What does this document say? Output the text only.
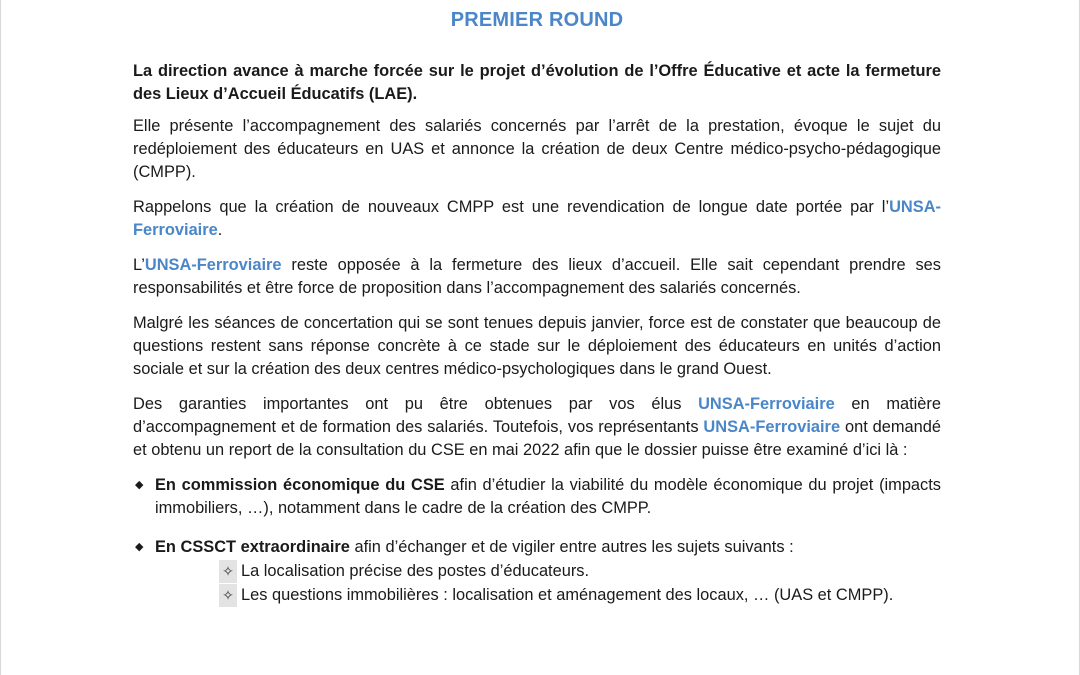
PREMIER ROUND

La direction avance à marche forcée sur le projet d’évolution de l’Offre Éducative et acte la fermeture des Lieux d’Accueil Éducatifs (LAE).

Elle présente l’accompagnement des salariés concernés par l’arrêt de la prestation, évoque le sujet du redéploiement des éducateurs en UAS et annonce la création de deux Centre médico-psycho-pédagogique (CMPP).

Rappelons que la création de nouveaux CMPP est une revendication de longue date portée par l’UNSA-Ferroviaire.

L’UNSA-Ferroviaire reste opposée à la fermeture des lieux d’accueil. Elle sait cependant prendre ses responsabilités et être force de proposition dans l’accompagnement des salariés concernés.

Malgré les séances de concertation qui se sont tenues depuis janvier, force est de constater que beaucoup de questions restent sans réponse concrète à ce stade sur le déploiement des éducateurs en unités d’action sociale et sur la création des deux centres médico-psychologiques dans le grand Ouest.

Des garanties importantes ont pu être obtenues par vos élus UNSA-Ferroviaire en matière d’accompagnement et de formation des salariés. Toutefois, vos représentants UNSA-Ferroviaire ont demandé et obtenu un report de la consultation du CSE en mai 2022 afin que le dossier puisse être examiné d’ici là :

◆ En commission économique du CSE afin d’étudier la viabilité du modèle économique du projet (impacts immobiliers, …), notamment dans le cadre de la création des CMPP.
◆ En CSSCT extraordinaire afin d’échanger et de vigiler entre autres les sujets suivants :
✧ La localisation précise des postes d’éducateurs.
✧ Les questions immobilières : localisation et aménagement des locaux, … (UAS et CMPP).
